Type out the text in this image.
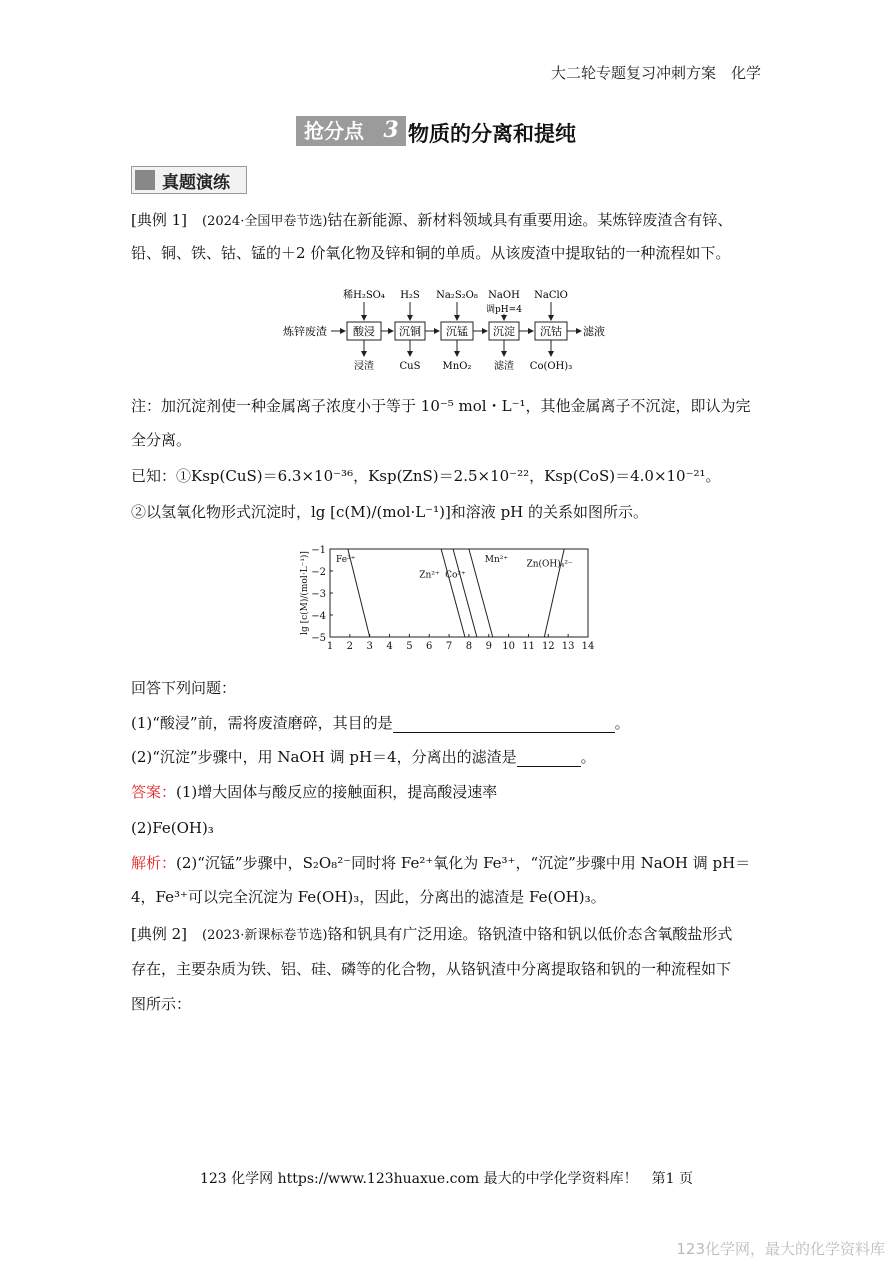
大二轮专题复习冲刺方案　化学
抢分点 3 物质的分离和提纯
真题演练
[典例 1]　 (2024·全国甲卷节选)钴在新能源、新材料领域具有重要用途。某炼锌废渣含有锌、
铅、铜、铁、钴、锰的＋2 价氧化物及锌和铜的单质。从该废渣中提取钴的一种流程如下。
炼锌废渣 酸浸
稀H₂SO₄
浸渣
沉铜
H₂S
CuS
沉锰
Na₂S₂O₈
MnO₂
沉淀
NaOH
调pH=4
滤渣
沉钴
NaClO
Co(OH)₃
滤液
注：加沉淀剂使一种金属离子浓度小于等于 10⁻⁵ mol・L⁻¹，其他金属离子不沉淀，即认为完
全分离。
已知：①Ksp(CuS)＝6.3×10⁻³⁶，Ksp(ZnS)＝2.5×10⁻²²，Ksp(CoS)＝4.0×10⁻²¹。
②以氢氧化物形式沉淀时，lg [c(M)/(mol·L⁻¹)]和溶液 pH 的关系如图所示。
1 2 3 4 5 6 7 8 9 10 11 12 13 14
−1
−2
−3
−4
−5
lg [c(M)/(mol·L⁻¹)]	Fe³⁺
Zn²⁺ Co²⁺
Mn²⁺ Zn(OH)₄²⁻
回答下列问题：
(1)“酸浸”前，需将废渣磨碎，其目的是	。
(2)“沉淀”步骤中，用 NaOH 调 pH＝4，分离出的滤渣是	。
答案：(1)增大固体与酸反应的接触面积，提高酸浸速率
(2)Fe(OH)₃
解析：(2)“沉锰”步骤中，S₂O₈²⁻同时将 Fe²⁺氧化为 Fe³⁺，“沉淀”步骤中用 NaOH 调 pH＝
4，Fe³⁺可以完全沉淀为 Fe(OH)₃，因此，分离出的滤渣是 Fe(OH)₃。
[典例 2]　 (2023·新课标卷节选)铬和钒具有广泛用途。铬钒渣中铬和钒以低价态含氧酸盐形式
存在，主要杂质为铁、铝、硅、磷等的化合物，从铬钒渣中分离提取铬和钒的一种流程如下
图所示：
123 化学网 https://www.123huaxue.com 最大的中学化学资料库！　第1 页
123化学网，最大的化学资料库
